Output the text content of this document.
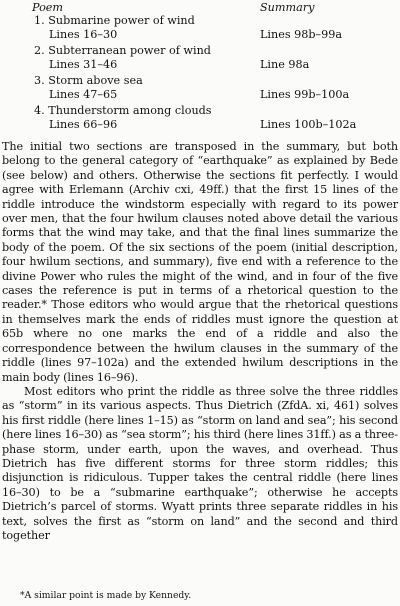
Poem	Summary
1. Submarine power of wind
Lines 16–30	Lines 98b–99a
2. Subterranean power of wind
Lines 31–46	Line 98a
3. Storm above sea
Lines 47–65	Lines 99b–100a
4. Thunderstorm among clouds
Lines 66–96	Lines 100b–102a

The initial two sections are transposed in the summary, but both belong to the general category of “earthquake” as explained by Bede (see below) and others. Otherwise the sections fit perfectly. I would agree with Erlemann (Archiv cxi, 49ff.) that the first 15 lines of the riddle introduce the windstorm especially with regard to its power over men, that the four hwilum clauses noted above detail the various forms that the wind may take, and that the final lines summarize the body of the poem. Of the six sections of the poem (initial description, four hwilum sections, and summary), five end with a reference to the divine Power who rules the might of the wind, and in four of the five cases the reference is put in terms of a rhetorical question to the reader.* Those editors who would argue that the rhetorical questions in themselves mark the ends of riddles must ignore the question at 65b where no one marks the end of a riddle and also the correspondence between the hwilum clauses in the summary of the riddle (lines 97–102a) and the extended hwilum descriptions in the main body (lines 16–96).

Most editors who print the riddle as three solve the three riddles as “storm” in its various aspects. Thus Dietrich (ZfdA. xi, 461) solves his first riddle (here lines 1–15) as “storm on land and sea”; his second (here lines 16–30) as “sea storm”; his third (here lines 31ff.) as a three-phase storm, under earth, upon the waves, and overhead. Thus Dietrich has five different storms for three storm riddles; this disjunction is ridiculous. Tupper takes the central riddle (here lines 16–30) to be a “submarine earthquake”; otherwise he accepts Dietrich’s parcel of storms. Wyatt prints three separate riddles in his text, solves the first as “storm on land” and the second and third together

*A similar point is made by Kennedy.
